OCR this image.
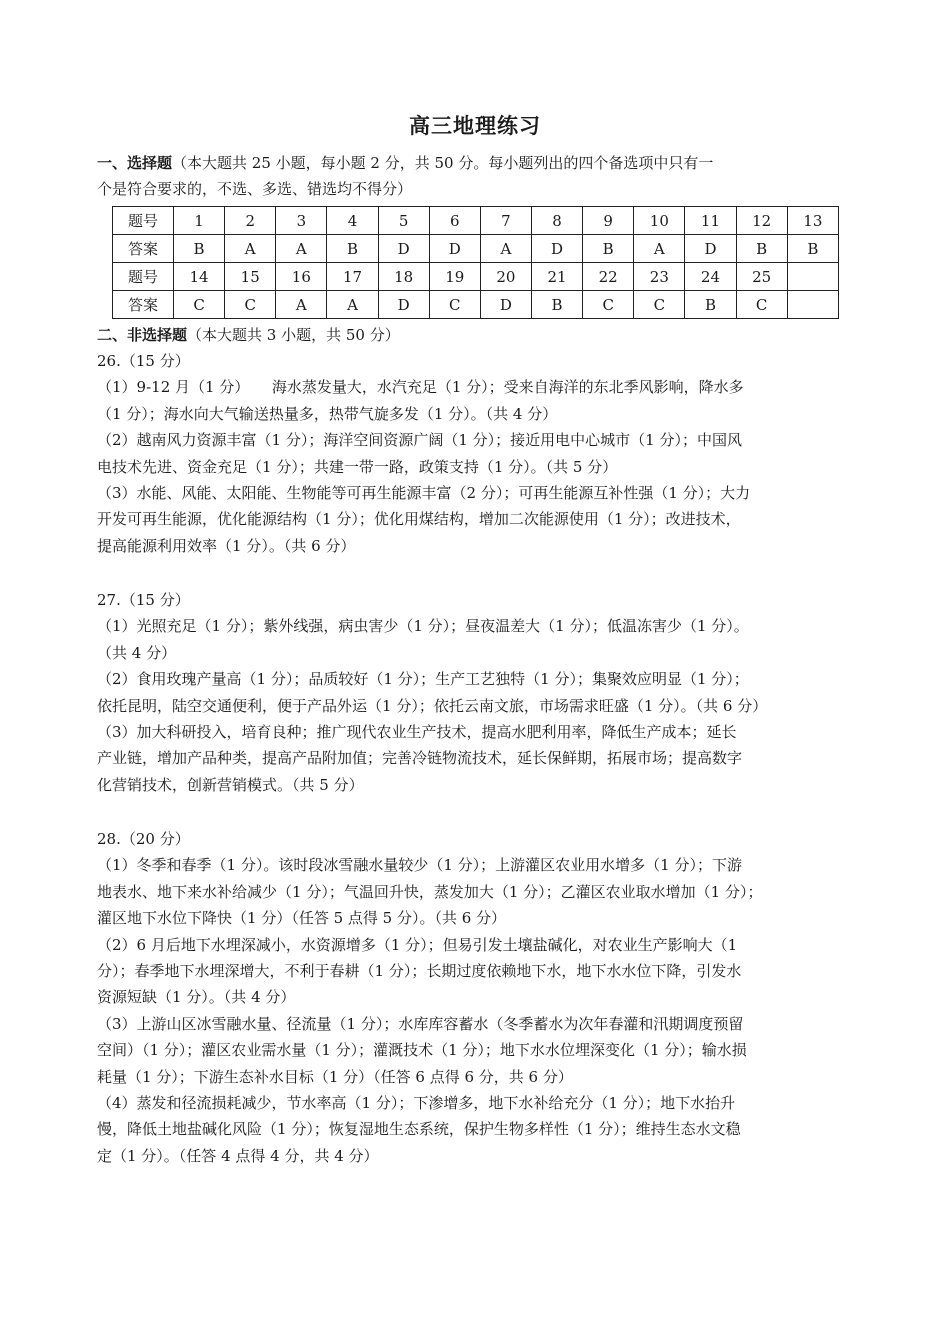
高三地理练习
一、选择题（本大题共 25 小题，每小题 2 分，共 50 分。每小题列出的四个备选项中只有一
个是符合要求的，不选、多选、错选均不得分）
题号	1	2	3	4	5	6	7	8	9	10	11	12	13
答案	B	A	A	B	D	D	A	D	B	A	D	B	B
题号	14	15	16	17	18	19	20	21	22	23	24	25	
答案	C	C	A	A	D	C	D	B	C	C	B	C	
二、非选择题（本大题共 3 小题，共 50 分）

26.（15 分）

（1）9-12 月（1 分）　　海水蒸发量大，水汽充足（1 分）；受来自海洋的东北季风影响，降水多

（1 分）；海水向大气输送热量多，热带气旋多发（1 分）。（共 4 分）

（2）越南风力资源丰富（1 分）；海洋空间资源广阔（1 分）；接近用电中心城市（1 分）；中国风

电技术先进、资金充足（1 分）；共建一带一路，政策支持（1 分）。（共 5 分）

（3）水能、风能、太阳能、生物能等可再生能源丰富（2 分）；可再生能源互补性强（1 分）；大力

开发可再生能源，优化能源结构（1 分）；优化用煤结构，增加二次能源使用（1 分）；改进技术，

提高能源利用效率（1 分）。（共 6 分）

27.（15 分）

（1）光照充足（1 分）；紫外线强，病虫害少（1 分）；昼夜温差大（1 分）；低温冻害少（1 分）。

（共 4 分）

（2）食用玫瑰产量高（1 分）；品质较好（1 分）；生产工艺独特（1 分）；集聚效应明显（1 分）；

依托昆明，陆空交通便利，便于产品外运（1 分）；依托云南文旅，市场需求旺盛（1 分）。（共 6 分）

（3）加大科研投入，培育良种；推广现代农业生产技术，提高水肥利用率，降低生产成本；延长

产业链，增加产品种类，提高产品附加值；完善冷链物流技术，延长保鲜期，拓展市场；提高数字

化营销技术，创新营销模式。（共 5 分）

28.（20 分）

（1）冬季和春季（1 分）。该时段冰雪融水量较少（1 分）；上游灌区农业用水增多（1 分）；下游

地表水、地下来水补给减少（1 分）；气温回升快，蒸发加大（1 分）；乙灌区农业取水增加（1 分）；

灌区地下水位下降快（1 分）（任答 5 点得 5 分）。（共 6 分）

（2）6 月后地下水埋深减小，水资源增多（1 分）；但易引发土壤盐碱化，对农业生产影响大（1

分）；春季地下水埋深增大，不利于春耕（1 分）；长期过度依赖地下水，地下水水位下降，引发水

资源短缺（1 分）。（共 4 分）

（3）上游山区冰雪融水量、径流量（1 分）；水库库容蓄水（冬季蓄水为次年春灌和汛期调度预留

空间）（1 分）；灌区农业需水量（1 分）；灌溉技术（1 分）；地下水水位埋深变化（1 分）；输水损

耗量（1 分）；下游生态补水目标（1 分）（任答 6 点得 6 分，共 6 分）

（4）蒸发和径流损耗减少，节水率高（1 分）；下渗增多，地下水补给充分（1 分）；地下水抬升

慢，降低土地盐碱化风险（1 分）；恢复湿地生态系统，保护生物多样性（1 分）；维持生态水文稳

定（1 分）。（任答 4 点得 4 分，共 4 分）
